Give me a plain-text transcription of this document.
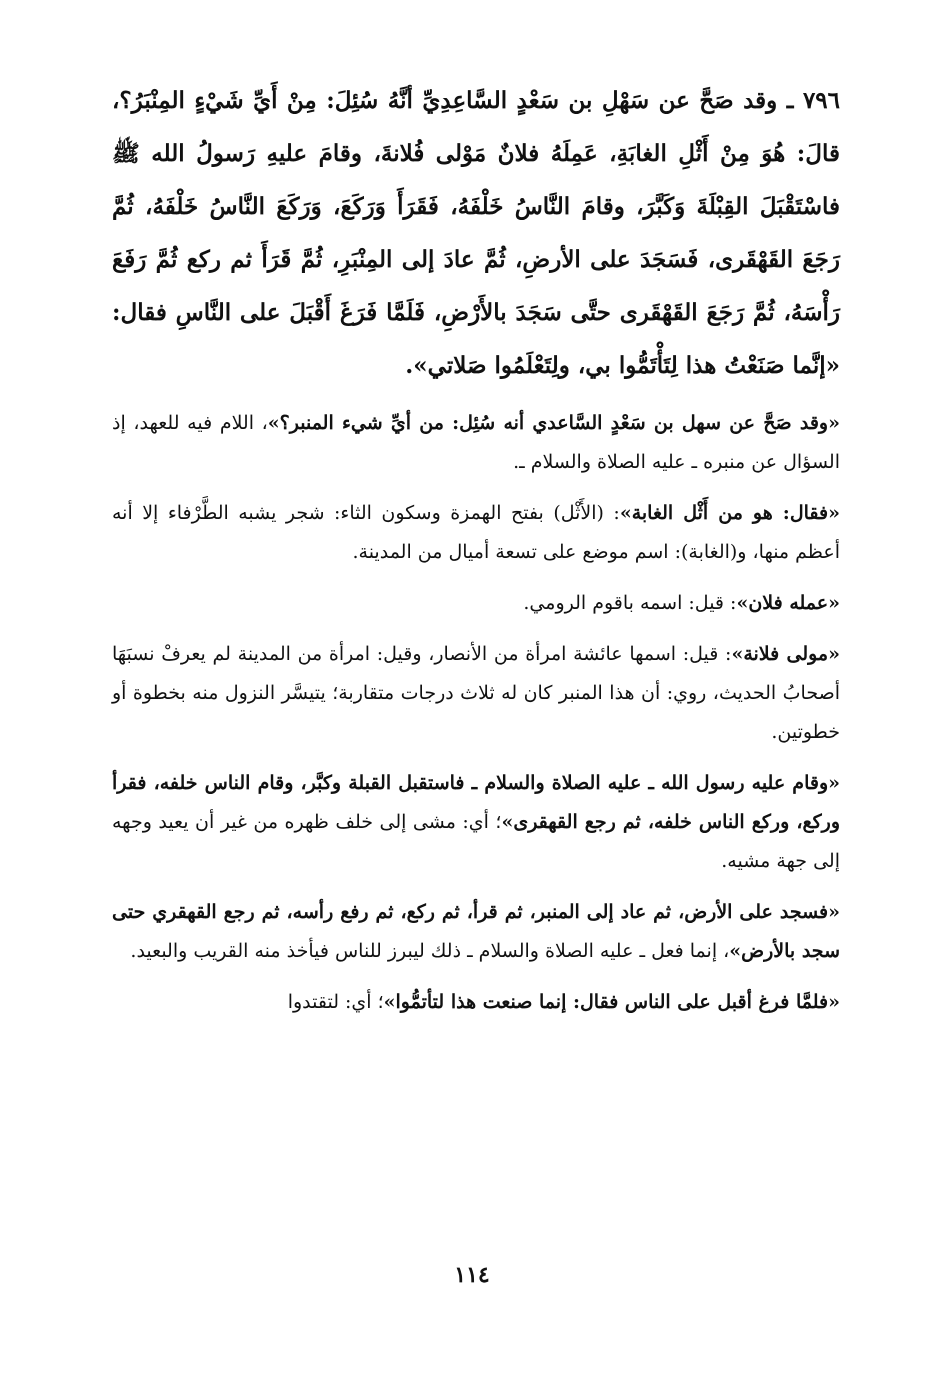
٧٩٦ ـ وقد صَحَّ عن سَهْلِ بن سَعْدٍ السَّاعِدِيِّ أنَّهُ سُئِلَ: مِنْ أَيِّ شَيْءٍ المِنْبَرُ؟، قالَ: هُوَ مِنْ أَثْلِ الغابَةِ، عَمِلَهُ فلانٌ مَوْلى فُلانةَ، وقامَ عليهِ رَسولُ الله ﷺ فاسْتَقْبَلَ القِبْلَةَ وَكَبَّرَ، وقامَ النَّاسُ خَلْفَهُ، فَقَرَأَ وَرَكَعَ، وَرَكَعَ النَّاسُ خَلْفَهُ، ثُمَّ رَجَعَ القَهْقَرى، فَسَجَدَ على الأرضِ، ثُمَّ عادَ إلى المِنْبَرِ، ثُمَّ قَرَأَ ثم ركع ثُمَّ رَفَعَ رَأْسَهُ، ثُمَّ رَجَعَ القَهْقَرى حتَّى سَجَدَ بالأَرْضِ، فَلَمَّا فَرَغَ أَقْبَلَ على النَّاسِ فقال: «إنَّما صَنَعْتُ هذا لِتَأْتَمُّوا بي، ولِتَعْلَمُوا صَلاتي».

«وقد صَحَّ عن سهل بن سَعْدٍ السَّاعدي أنه سُئِل: من أيِّ شيء المنبر؟»، اللام فيه للعهد، إذ السؤال عن منبره ـ عليه الصلاة والسلام ـ.

«فقال: هو من أَثْل الغابة»: (الأَثْل) بفتح الهمزة وسكون الثاء: شجر يشبه الطَّرْفاء إلا أنه أعظم منها، و(الغابة): اسم موضع على تسعة أميال من المدينة.

«عمله فلان»: قيل: اسمه باقوم الرومي.

«مولى فلانة»: قيل: اسمها عائشة امرأة من الأنصار، وقيل: امرأة من المدينة لم يعرفْ نسبَهَا أصحابُ الحديث، روي: أن هذا المنبر كان له ثلاث درجات متقاربة؛ يتيسَّر النزول منه بخطوة أو خطوتين.

«وقام عليه رسول الله ـ عليه الصلاة والسلام ـ فاستقبل القبلة وكبَّر، وقام الناس خلفه، فقرأ وركع، وركع الناس خلفه، ثم رجع القهقرى»؛ أي: مشى إلى خلف ظهره من غير أن يعيد وجهه إلى جهة مشيه.

«فسجد على الأرض، ثم عاد إلى المنبر، ثم قرأ، ثم ركع، ثم رفع رأسه، ثم رجع القهقري حتى سجد بالأرض»، إنما فعل ـ عليه الصلاة والسلام ـ ذلك ليبرز للناس فيأخذ منه القريب والبعيد.

«فلمَّا فرغ أقبل على الناس فقال: إنما صنعت هذا لتأتمُّوا»؛ أي: لتقتدوا

١١٤
